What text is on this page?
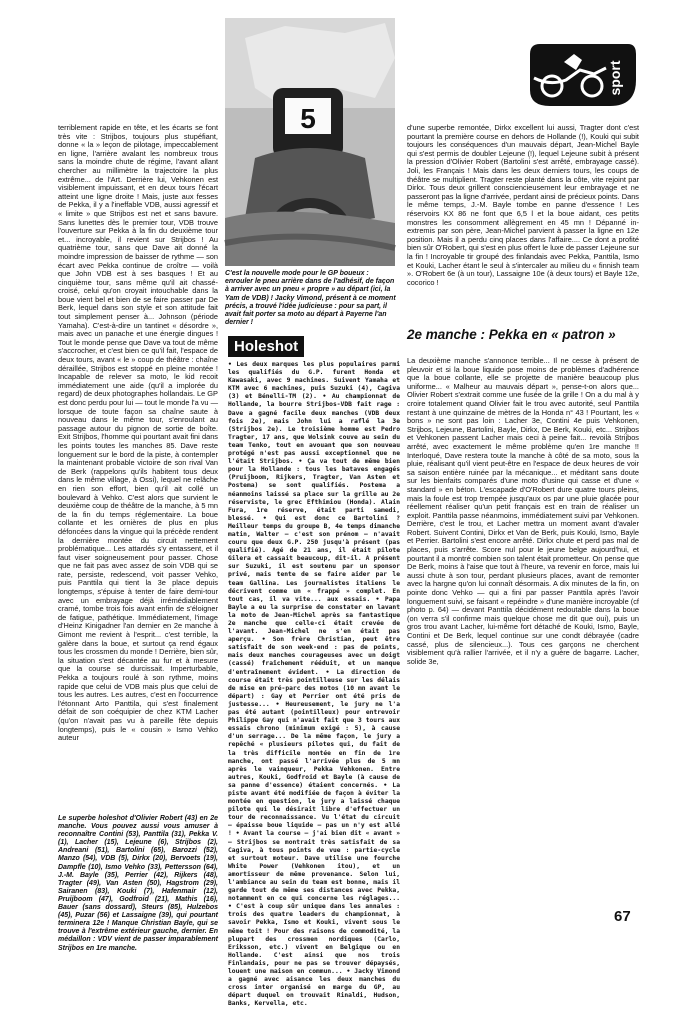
terriblement rapide en tête, et les écarts se font très vite : Strijbos, toujours plus stupéfiant, donne « la » leçon de pilotage, impeccablement en ligne, l'arrière avalant les nombreux trous sans la moindre chute de régime, l'avant allant chercher au millimètre la trajectoire la plus extrême... de l'Art. Derrière lui, Vehkonen est visiblement impuissant, et en deux tours l'écart atteint une ligne droite ! Mais, juste aux fesses de Pekka, il y a l'ineffable VDB, aussi agressif et « limite » que Strijbos est net et sans bavure. Sans lunettes dès le premier tour, VDB trouve l'ouverture sur Pekka à la fin du deuxième tour et... incroyable, il revient sur Strijbos ! Au quatrième tour, sans que Dave ait donné la moindre impression de baisser de rythme — son écart avec Pekka continue de croître — voilà que John VDB est à ses basques ! Et au cinquième tour, sans même qu'il ait chassé-croisé, celui qu'on croyait intouchable dans la boue vient bel et bien de se faire passer par De Berk, lequel dans son style et son attitude fait tout simplement penser à... Johnson (période Yamaha). C'est-à-dire un tantinet « désordre », mais avec un panache et une énergie dingues ! Tout le monde pense que Dave va tout de même s'accrocher, et c'est bien ce qu'il fait, l'espace de deux tours, avant « le » coup de théâtre : chaîne déraillée, Strijbos est stoppé en pleine montée ! Incapable de relever sa moto, le kid recoit immédiatement une aide (qu'il a implorée du regard) de deux photographes hollandais. Le GP est donc perdu pour lui — tout le monde l'a vu — lorsque de toute façon sa chaîne saute à nouveau dans le même tour, s'enroulant au passage autour du pignon de sortie de boîte. Exit Strijbos, l'homme qui pourtant avait fini dans les points toutes les manches 85. Dave reste longuement sur le bord de la piste, à contempler la maintenant probable victoire de son rival Van de Berk (rappelons qu'ils habitent tous deux dans le même village, à Ossi), lequel ne relâche en rien son effort, bien qu'il ait collé un boulevard à Vehko. C'est alors que survient le deuxième coup de théâtre de la manche, à 5 mn de la fin du temps réglementaire. La boue collante et les ornières de plus en plus défoncées dans la vingue qui la précède rendent la dernière montée du circuit nettement problématique... Les attardés s'y entassent, et il faut viser soigneusement pour passer. Chose que ne fait pas avec assez de soin VDB qui se rate, persiste, redescend, voit passer Vehko, puis Panttila qui tient la 3e place depuis longtemps, s'épuise à tenter de faire demi-tour avec un embrayage déjà irrémédiablement cramé, tombe trois fois avant enfin de s'éloigner de fatigue, pathétique. Immédiatement, l'image d'Heinz Kinigadner l'an dernier en 2e manche à Gimont me revient à l'esprit... c'est terrible, la galère dans la boue, et surtout ça rend égaux tous les crossmen du monde ! Derrière, bien sûr, la situation s'est décantée au fur et à mesure que la course se durcissait. Imperturbable, Pekka a toujours roulé à son rythme, moins rapide que celui de VDB mais plus que celui de tous les autres. Les autres, c'est en l'occurrence l'étonnant Arto Panttila, qui s'est finalement défait de son coéquipier de chez KTM Lacher (qu'on n'avait pas vu à pareille fête depuis longtemps), puis le « cousin » Ismo Vehko auteur
Le superbe holeshot d'Olivier Robert (43) en 2e manche. Vous pouvez aussi vous amuser à reconnaître Contini (53), Panttila (31), Pekka V. (1), Lacher (15), Lejeune (6), Strijbos (2), Andreani (51), Bartolini (65), Barozzi (52), Manzo (54), VDB (5), Dirkx (20), Bervoets (19), Dampfle (10), Ismo Vehko (33), Pettersson (64), J.-M. Bayle (35), Perrier (42), Rijkers (48), Tragter (49), Van Asten (50), Hagstrom (29), Sairanen (83), Kouki (7), Hafenmair (12), Pruijboom (47), Godfroid (21), Mathis (16), Bauer (sans dossard), Steurs (85), Hulzebos (45), Puzar (56) et Lassaigne (39), qui pourtant terminera 12e ! Manque Christian Bayle, qui se trouve à l'extrême extérieur gauche, dernier. En médaillon : VDV vient de passer imparablement Strijbos en 1re manche.
5
C'est la nouvelle mode pour le GP boueux : enrouler le pneu arrière dans de l'adhésif, de façon à arriver avec un pneu « propre » au départ (ici, la Yam de VDB) ! Jacky Vimond, présent à ce moment précis, a trouvé l'idée judicieuse : pour sa part, il avait fait porter sa moto au départ à Payerne l'an dernier !
sport
Holeshot
• Les deux marques les plus populaires parmi les qualifiés du G.P. furent Honda et Kawasaki, avec 9 machines. Suivent Yamaha et KTM avec 6 machines, puis Suzuki (4), Cagiva (3) et Bénelli-TM (2). • Au championnat de Hollande, la bourre Strijbos-VDB fait rage : Dave a gagné facile deux manches (VDB deux fois 2e), mais John lui a raflé la 3e (Strijbos 2e). Le troisième homme est Pedro Tragter, 17 ans, que Wolsink couve au sein du team Tenko, tout en avouant que son nouveau protégé n'est pas aussi exceptionnel que ne l'était Strijbos. • Ça va tout de même bien pour la Hollande : tous les bataves engagés (Pruijboom, Rijkers, Tragter, Van Asten et Postema) se sont qualifiés. Postema a néanmoins laissé sa place sur la grille au 2e réserviste, le grec Efthimiou (Honda). Alain Fura, 1re réserve, était parti samedi, blessé. • Qui est donc ce Bartolini ? Meilleur temps du groupe B, 4e temps dimanche matin, Walter — c'est son prénom — n'avait couru que deux G.P. 250 jusqu'à présent (pas qualifié). Agé de 21 ans, il était pilote Gilera et cassait beaucoup, dit-il. A présent sur Suzuki, il est soutenu par un sponsor privé, mais tente de se faire aider par le team Gallina. Les journalistes italiens le décrivent comme un « frappé » complet. En tout cas, il va vite... aux essais. • Papa Bayle a eu la surprise de constater en lavant la moto de Jean-Michel après sa fantastique 2e manche que celle-ci était crevée de l'avant. Jean-Michel ne s'en était pas aperçu. • Son frère Christian, peut être satisfait de son week-end : pas de points, mais deux manches courageuses avec un doigt (cassé) fraîchement rééduit, et un manque d'entraînement évident. • La direction de course était très pointilleuse sur les délais de mise en pré-parc des motos (10 mn avant le départ) : Gay et Perrier ont été pris de justesse... • Heureusement, le jury ne l'a pas été autant (pointilleux) pour entrevoir Philippe Gay qui n'avait fait que 3 tours aux essais chrono (minimum exigé : 5), à cause d'un serrage... De la même façon, le jury a repêché « plusieurs pilotes qui, du fait de la très difficile montée en fin de 1re manche, ont passé l'arrivée plus de 5 mn après le vainqueur, Pekka Vehkonen. Entre autres, Kouki, Godfroid et Bayle (à cause de sa panne d'essence) étaient concernés. • La piste avant été modifiée de façon à éviter la montée en question, le jury a laissé chaque pilote qui le désirait libre d'effectuer un tour de reconnaissance. Vu l'état du circuit — épaisse boue liquide — pas un n'y est allé ! • Avant la course — j'ai bien dit « avant » — Strijbos se montrait très satisfait de sa Cagiva, à tous points de vue : partie-cycle et surtout moteur. Dave utilise une fourche White Power (Vehkonen itou), et un amortisseur de même provenance. Selon lui, l'ambiance au sein du team est bonne, mais il garde tout de même ses distances avec Pekka, notamment en ce qui concerne les réglages... • C'est à coup sûr unique dans les annales : trois des quatre leaders du championnat, à savoir Pekka, Ismo et Kouki, vivent sous le même toit ! Pour des raisons de commodité, la plupart des crossmen nordiques (Carlo, Eriksson, etc.) vivent en Belgique ou en Hollande. C'est ainsi que nos trois Finlandais, pour ne pas se trouver dépaysés, louent une maison en commun... • Jacky Vimond a gagné avec aisance les deux manches du cross inter organisé en marge du GP, au départ duquel on trouvait Rinaldi, Hudson, Banks, Kervella, etc.
d'une superbe remontée, Dirkx excellent lui aussi, Tragter dont c'est pourtant la première course en dehors de Hollande (!), Kouki qui subit toujours les conséquences d'un mauvais départ, Jean-Michel Bayle qui s'est permis de doubler Lejeune (!), lequel Lejeune subit à présent la pression d'Olivier Robert (Bartolini s'est arrêté, embrayage cassé). Joli, les Français ! Mais dans les deux derniers tours, les coups de théâtre se multiplient. Tragter reste planté dans la côte, vite rejoint par Dirkx. Tous deux grillent consciencieusement leur embrayage et ne passeront pas la ligne d'arrivée, perdant ainsi de précieux points. Dans le même temps, J.-M. Bayle tombe en panne d'essence ! Les réservoirs KX 86 ne font que 6,5 l et la boue aidant, ces petits monstres les consomment allègrement en 45 mn ! Dépanné in-extremis par son père, Jean-Michel parvient à passer la ligne en 12e position. Mais il a perdu cinq places dans l'affaire.... Ce dont a profité bien sûr O'Robert, qui s'est en plus offert le luxe de passer Lejeune sur la fin ! Incroyable tir groupé des finlandais avec Pekka, Panttila, Ismo et Kouki, Lacher étant le seul à s'intercaler au milieu du « finnish team ». O'Robert 6e (à un tour), Lassaigne 10e (à deux tours) et Bayle 12e, cocorico !
2e manche : Pekka en « patron »
La deuxième manche s'annonce terrible... Il ne cesse à présent de pleuvoir et si la boue liquide pose moins de problèmes d'adhérence que la boue collante, elle se projette de manière beaucoup plus uniforme... « Malheur au mauvais départ », pense-t-on alors que... Olivier Robert s'extrait comme une fusée de la grille ! On a du mal à y croire totalement quand Olivier fait le trou avec autorité, seul Panttila restant à une quinzaine de mètres de la Honda n° 43 ! Pourtant, les « bons » ne sont pas loin : Lacher 3e, Contini 4e puis Vehkonen, Strijbos, Lejeune, Bartolini, Bayle, Dirkx, De Berk, Kouki, etc... Strijbos et Vehkonen passent Lacher mais ceci à peine fait... revoilà Strijbos arrêté, avec exactement le même problème qu'en 1re manche !! Interloqué, Dave restera toute la manche à côté de sa moto, sous la pluie, réalisant qu'il vient peut-être en l'espace de deux heures de voir sa saison entière ruinée par la mécanique... et méditant sans doute sur les bienfaits comparés d'une moto d'usine qui casse et d'une « standard » en béton. L'escapade d'O'Robert dure quatre tours pleins, mais la foule est trop trempée jusqu'aux os par une pluie glacée pour réellement réaliser qu'un petit français est en train de réaliser un exploit. Panttila passe néanmoins, immédiatement suivi par Vehkonen. Derrière, c'est le trou, et Lacher mettra un moment avant d'avaler Robert. Suivent Contini, Dirkx et Van de Berk, puis Kouki, Ismo, Bayle et Perrier. Bartolini s'est encore arrêté. Dirkx chute et perd pas mal de places, puis s'arrête. Score nul pour le jeune belge aujourd'hui, et pourtant il a montré combien son talent était prometteur. On pense que De Berk, moins à l'aise que tout à l'heure, va revenir en force, mais lui aussi chute à son tour, perdant plusieurs places, avant de remonter avec la hargne qu'on lui connaît désormais. A dix minutes de la fin, on pointe donc Vehko — qui a fini par passer Panttila après l'avoir longuement suivi, se faisant « repéindre » d'une manière incroyable (cf photo p. 64) — devant Panttila décidément redoutable dans la boue (on verra s'il confirme mais quelque chose me dit que oui), puis un gros trou avant Lacher, lui-même fort détaché de Kouki, Ismo, Bayle, Contini et De Berk, lequel continue sur une condt débrayée (cadre cassé, plus de silencieux...). Tous ces garçons ne cherchent visiblement qu'à rallier l'arrivée, et il n'y a guère de bagarre. Lacher, solide 3e,
67
